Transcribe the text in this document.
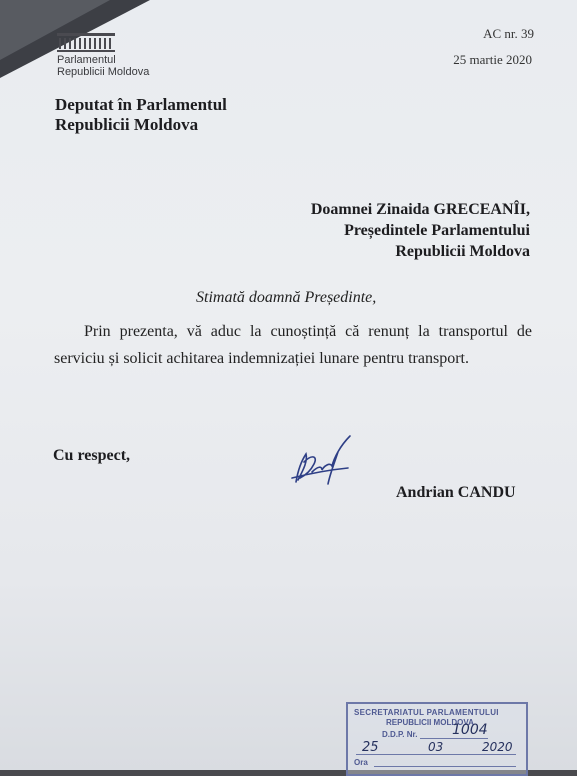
Parlamentul
Republicii Moldova
AC nr. 39
25 martie 2020
Deputat în Parlamentul
Republicii Moldova
Doamnei Zinaida GRECEANÎI,
Președintele Parlamentului
Republicii Moldova
Stimată doamnă Președinte,
Prin prezenta, vă aduc la cunoștință că renunț la transportul de serviciu și solicit achitarea indemnizației lunare pentru transport.
Cu respect,
Andrian CANDU
SECRETARIATUL PARLAMENTULUI
REPUBLICII MOLDOVA
D.D.P. Nr. 1004
25	03	2020
Ora
